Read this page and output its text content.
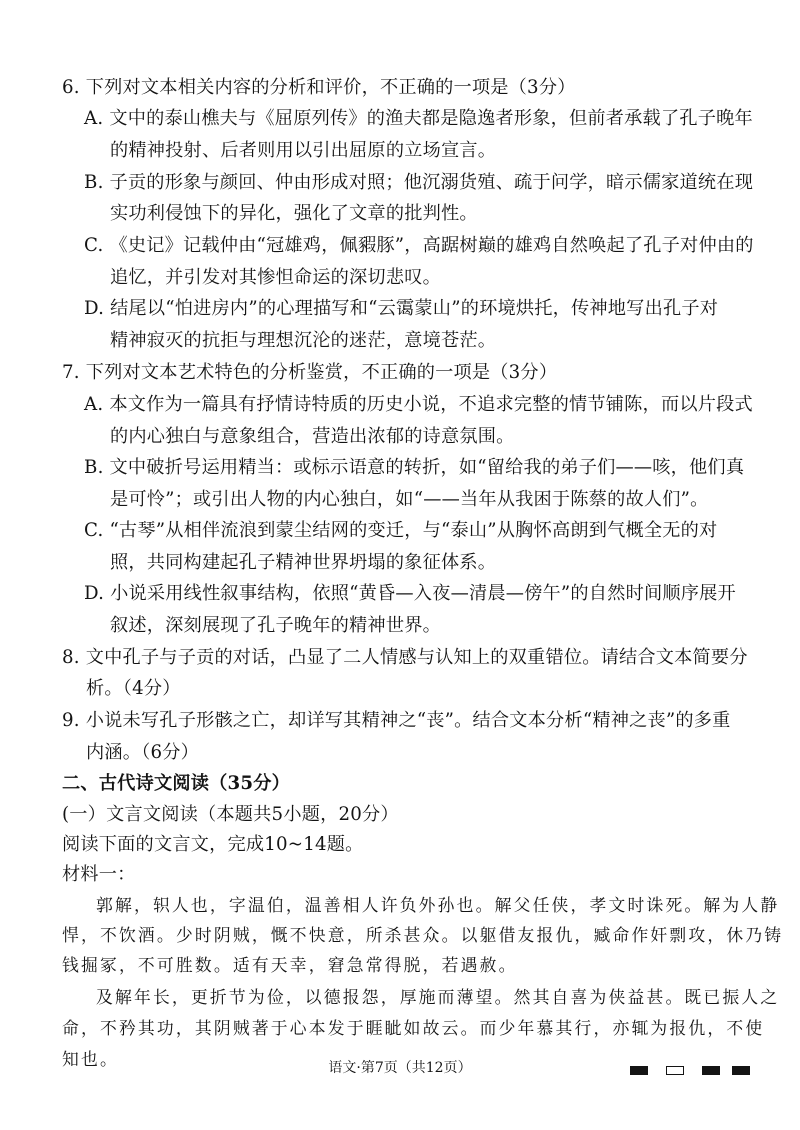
6. 下列对文本相关内容的分析和评价，不正确的一项是（3分）
A. 文中的泰山樵夫与《屈原列传》的渔夫都是隐逸者形象，但前者承载了孔子晚年
的精神投射、后者则用以引出屈原的立场宣言。
B. 子贡的形象与颜回、仲由形成对照；他沉溺货殖、疏于问学，暗示儒家道统在现
实功利侵蚀下的异化，强化了文章的批判性。
C. 《史记》记载仲由“冠雄鸡，佩豭豚”，高踞树巅的雄鸡自然唤起了孔子对仲由的
追忆，并引发对其惨怛命运的深切悲叹。
D. 结尾以“怕进房内”的心理描写和“云霭蒙山”的环境烘托，传神地写出孔子对
精神寂灭的抗拒与理想沉沦的迷茫，意境苍茫。
7. 下列对文本艺术特色的分析鉴赏，不正确的一项是（3分）
A. 本文作为一篇具有抒情诗特质的历史小说，不追求完整的情节铺陈，而以片段式
的内心独白与意象组合，营造出浓郁的诗意氛围。
B. 文中破折号运用精当：或标示语意的转折，如“留给我的弟子们——咳，他们真
是可怜”；或引出人物的内心独白，如“——当年从我困于陈蔡的故人们”。
C. “古琴”从相伴流浪到蒙尘结网的变迁，与“泰山”从胸怀高朗到气概全无的对
照，共同构建起孔子精神世界坍塌的象征体系。
D. 小说采用线性叙事结构，依照“黄昏—入夜—清晨—傍午”的自然时间顺序展开
叙述，深刻展现了孔子晚年的精神世界。
8. 文中孔子与子贡的对话，凸显了二人情感与认知上的双重错位。请结合文本简要分
析。（4分）
9. 小说未写孔子形骸之亡，却详写其精神之“丧”。结合文本分析“精神之丧”的多重
内涵。（6分）
二、古代诗文阅读（35分）
(一）文言文阅读（本题共5小题，20分）
阅读下面的文言文，完成10~14题。
材料一：
郭解，轵人也，字温伯，温善相人许负外孙也。解父任侠，孝文时诛死。解为人静
悍，不饮酒。少时阴贼，慨不快意，所杀甚众。以躯借友报仇，臧命作奸剽攻，休乃铸
钱掘冢，不可胜数。适有天幸，窘急常得脱，若遇赦。
及解年长，更折节为俭，以德报怨，厚施而薄望。然其自喜为侠益甚。既已振人之
命，不矜其功，其阴贼著于心本发于睚眦如故云。而少年慕其行，亦辄为报仇，不使
知也。	语文·第7页（共12页）
